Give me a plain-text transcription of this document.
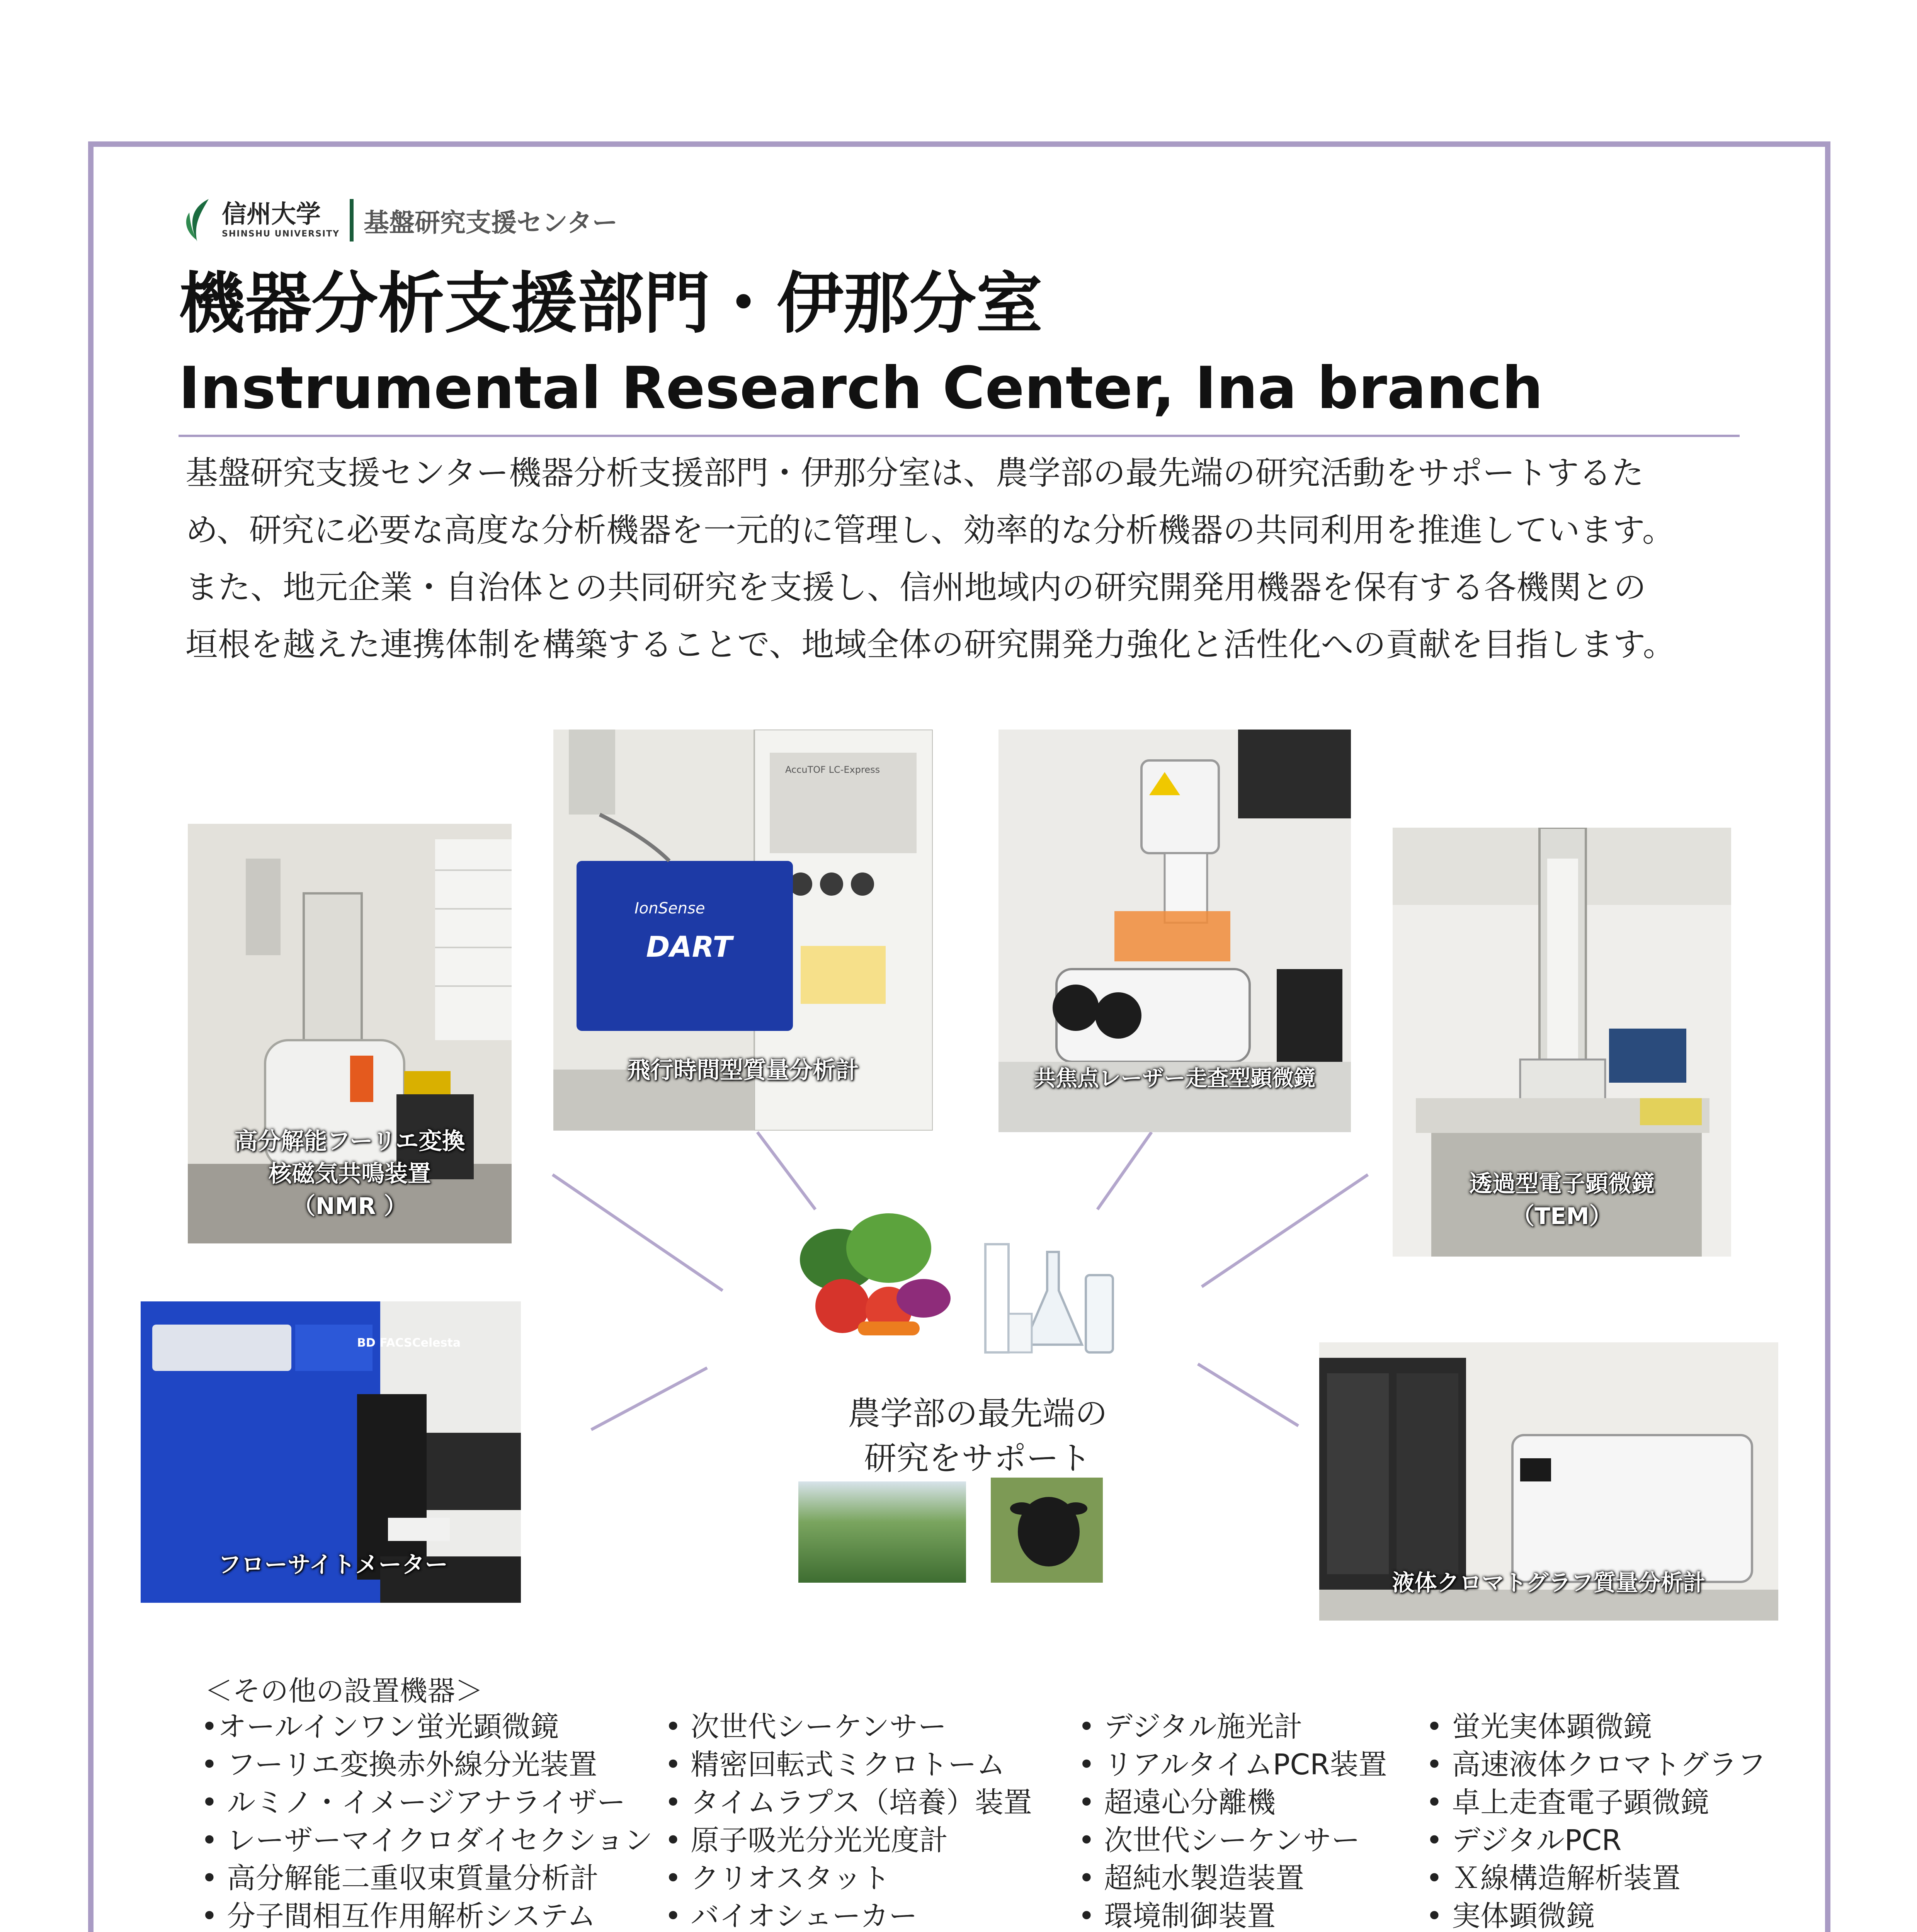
信州大学
SHINSHU UNIVERSITY 基盤研究支援センター
機器分析支援部門・伊那分室
Instrumental Research Center, Ina branch

基盤研究支援センター機器分析支援部門・伊那分室は、農学部の最先端の研究活動をサポートするた

め、研究に必要な高度な分析機器を一元的に管理し、効率的な分析機器の共同利用を推進しています。

また、地元企業・自治体との共同研究を支援し、信州地域内の研究開発用機器を保有する各機関との

垣根を越えた連携体制を構築することで、地域全体の研究開発力強化と活性化への貢献を目指します。

高分解能フーリエ変換
核磁気共鳴装置
（NMR ）
IonSense
DART
AccuTOF LC-Express
飛行時間型質量分析計	共焦点レーザー走査型顕微鏡
透過型電子顕微鏡
（TEM）
BD FACSCelesta
フローサイトメーター
液体クロマトグラフ質量分析計

農学部の最先端の

研究をサポート

＜その他の設置機器＞
•オールインワン蛍光顕微鏡
• フーリエ変換赤外線分光装置
• ルミノ・イメージアナライザー
• レーザーマイクロダイセクション
• 高分解能二重収束質量分析計
• 分子間相互作用解析システム
• 次世代シーケンサー
• 精密回転式ミクロトーム
• タイムラプス（培養）装置
• 原子吸光分光光度計
• クリオスタット
• バイオシェーカー
• デジタル施光計
• リアルタイムPCR装置
• 超遠心分離機
• 次世代シーケンサー
• 超純水製造装置
• 環境制御装置
• 蛍光実体顕微鏡
• 高速液体クロマトグラフ
• 卓上走査電子顕微鏡
• デジタルPCR
• Ｘ線構造解析装置
• 実体顕微鏡
